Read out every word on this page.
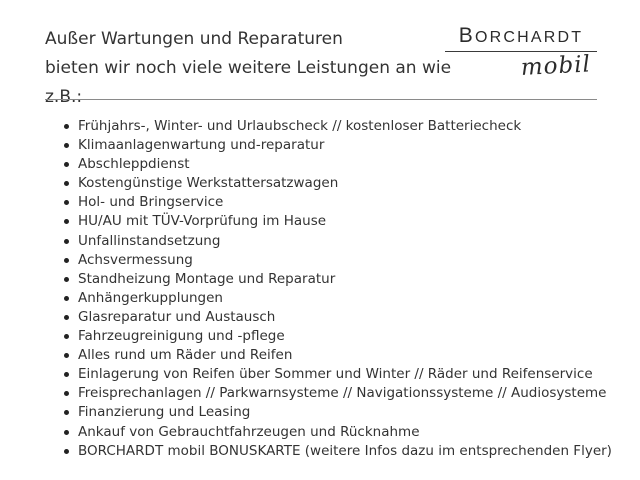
Außer Wartungen und Reparaturen
bieten wir noch viele weitere Leistungen an wie z.B.:
BORCHARDT
mobil
Frühjahrs-, Winter- und Urlaubscheck // kostenloser Batteriecheck
Klimaanlagenwartung und-reparatur
Abschleppdienst
Kostengünstige Werkstattersatzwagen
Hol- und Bringservice
HU/AU mit TÜV-Vorprüfung im Hause
Unfallinstandsetzung
Achsvermessung
Standheizung Montage und Reparatur
Anhängerkupplungen
Glasreparatur und Austausch
Fahrzeugreinigung und -pflege
Alles rund um Räder und Reifen
Einlagerung von Reifen über Sommer und Winter // Räder und Reifenservice
Freisprechanlagen // Parkwarnsysteme // Navigationssysteme // Audiosysteme
Finanzierung und Leasing
Ankauf von Gebrauchtfahrzeugen und Rücknahme
BORCHARDT mobil BONUSKARTE (weitere Infos dazu im entsprechenden Flyer)
